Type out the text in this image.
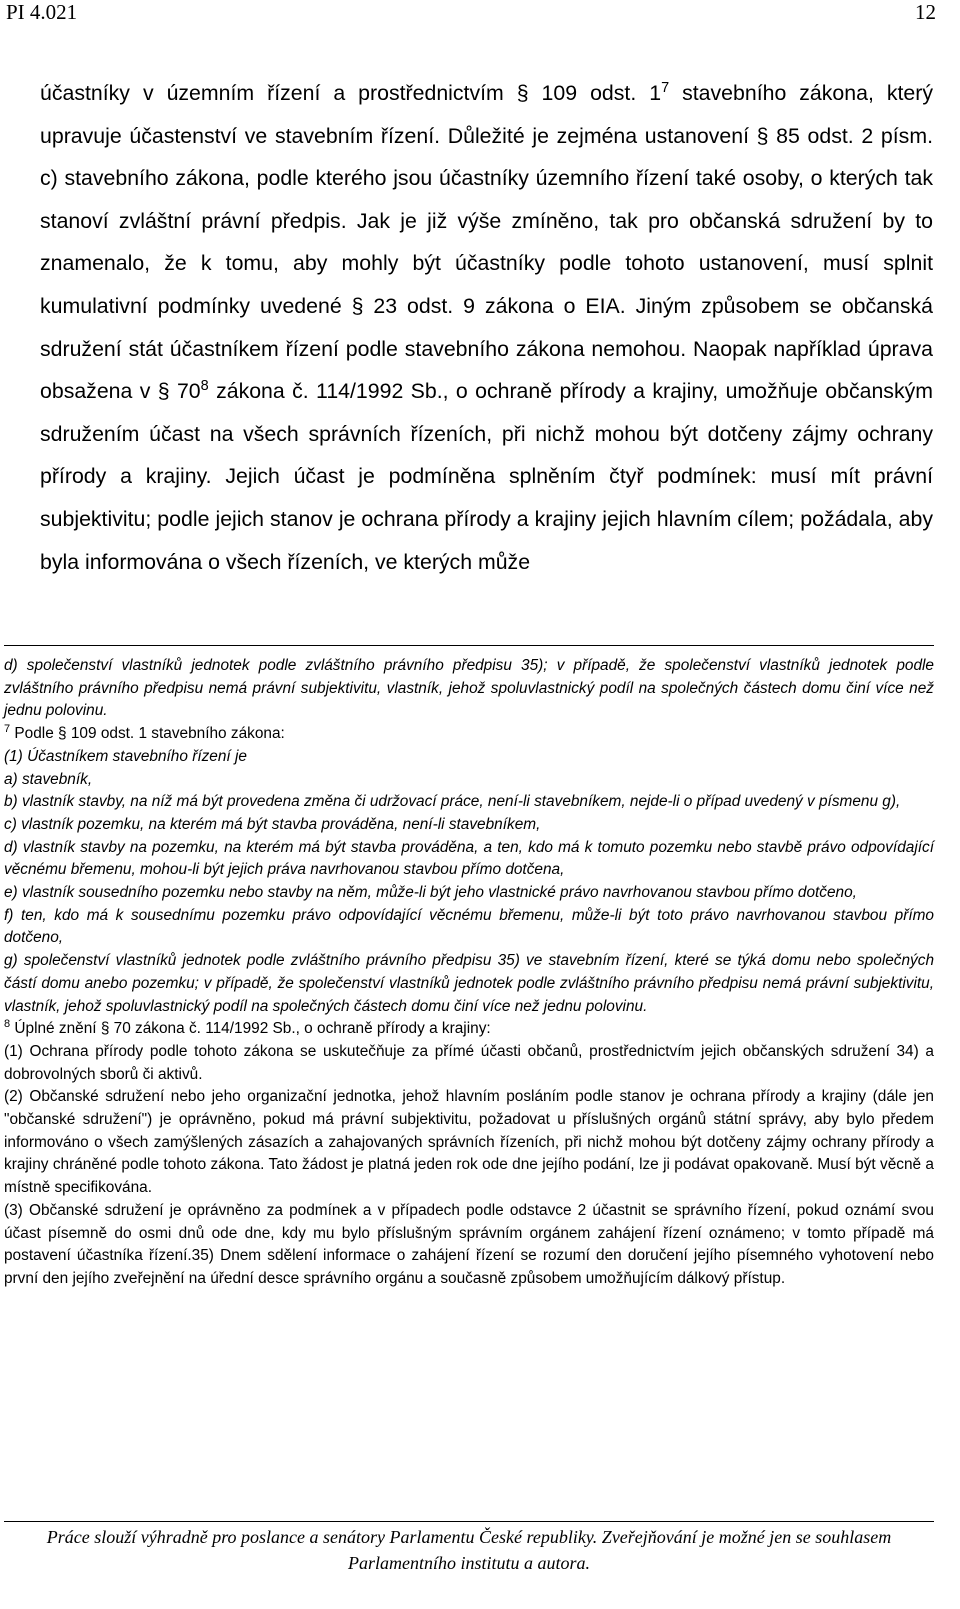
PI 4.021	12

účastníky v územním řízení a prostřednictvím § 109 odst. $1^7$ stavebního zákona, který upravuje účastenství ve stavebním řízení. Důležité je zejména ustanovení § 85 odst. 2 písm. c) stavebního zákona, podle kterého jsou účastníky územního řízení také osoby, o kterých tak stanoví zvláštní právní předpis. Jak je již výše zmíněno, tak pro občanská sdružení by to znamenalo, že k tomu, aby mohly být účastníky podle tohoto ustanovení, musí splnit kumulativní podmínky uvedené § 23 odst. 9 zákona o EIA. Jiným způsobem se občanská sdružení stát účastníkem řízení podle stavebního zákona nemohou. Naopak například úprava obsažena v § $70^8$ zákona č. 114/1992 Sb., o ochraně přírody a krajiny, umožňuje občanským sdružením účast na všech správních řízeních, při nichž mohou být dotčeny zájmy ochrany přírody a krajiny. Jejich účast je podmíněna splněním čtyř podmínek: musí mít právní subjektivitu; podle jejich stanov je ochrana přírody a krajiny jejich hlavním cílem; požádala, aby byla informována o všech řízeních, ve kterých může

d) společenství vlastníků jednotek podle zvláštního právního předpisu 35); v případě, že společenství vlastníků jednotek podle zvláštního právního předpisu nemá právní subjektivitu, vlastník, jehož spoluvlastnický podíl na společných částech domu činí více než jednu polovinu.

$^7$ Podle § 109 odst. 1 stavebního zákona:

(1) Účastníkem stavebního řízení je

a) stavebník,

b) vlastník stavby, na níž má být provedena změna či udržovací práce, není-li stavebníkem, nejde-li o případ uvedený v písmenu g),

c) vlastník pozemku, na kterém má být stavba prováděna, není-li stavebníkem,

d) vlastník stavby na pozemku, na kterém má být stavba prováděna, a ten, kdo má k tomuto pozemku nebo stavbě právo odpovídající věcnému břemenu, mohou-li být jejich práva navrhovanou stavbou přímo dotčena,

e) vlastník sousedního pozemku nebo stavby na něm, může-li být jeho vlastnické právo navrhovanou stavbou přímo dotčeno,

f) ten, kdo má k sousednímu pozemku právo odpovídající věcnému břemenu, může-li být toto právo navrhovanou stavbou přímo dotčeno,

g) společenství vlastníků jednotek podle zvláštního právního předpisu 35) ve stavebním řízení, které se týká domu nebo společných částí domu anebo pozemku; v případě, že společenství vlastníků jednotek podle zvláštního právního předpisu nemá právní subjektivitu, vlastník, jehož spoluvlastnický podíl na společných částech domu činí více než jednu polovinu.

$^8$ Úplné znění § 70 zákona č. 114/1992 Sb., o ochraně přírody a krajiny:

(1) Ochrana přírody podle tohoto zákona se uskutečňuje za přímé účasti občanů, prostřednictvím jejich občanských sdružení 34) a dobrovolných sborů či aktivů.

(2) Občanské sdružení nebo jeho organizační jednotka, jehož hlavním posláním podle stanov je ochrana přírody a krajiny (dále jen "občanské sdružení") je oprávněno, pokud má právní subjektivitu, požadovat u příslušných orgánů státní správy, aby bylo předem informováno o všech zamýšlených zásazích a zahajovaných správních řízeních, při nichž mohou být dotčeny zájmy ochrany přírody a krajiny chráněné podle tohoto zákona. Tato žádost je platná jeden rok ode dne jejího podání, lze ji podávat opakovaně. Musí být věcně a místně specifikována.

(3) Občanské sdružení je oprávněno za podmínek a v případech podle odstavce 2 účastnit se správního řízení, pokud oznámí svou účast písemně do osmi dnů ode dne, kdy mu bylo příslušným správním orgánem zahájení řízení oznámeno; v tomto případě má postavení účastníka řízení.35) Dnem sdělení informace o zahájení řízení se rozumí den doručení jejího písemného vyhotovení nebo první den jejího zveřejnění na úřední desce správního orgánu a současně způsobem umožňujícím dálkový přístup.

Práce slouží výhradně pro poslance a senátory Parlamentu České republiky. Zveřejňování je možné jen se souhlasem Parlamentního institutu a autora.
